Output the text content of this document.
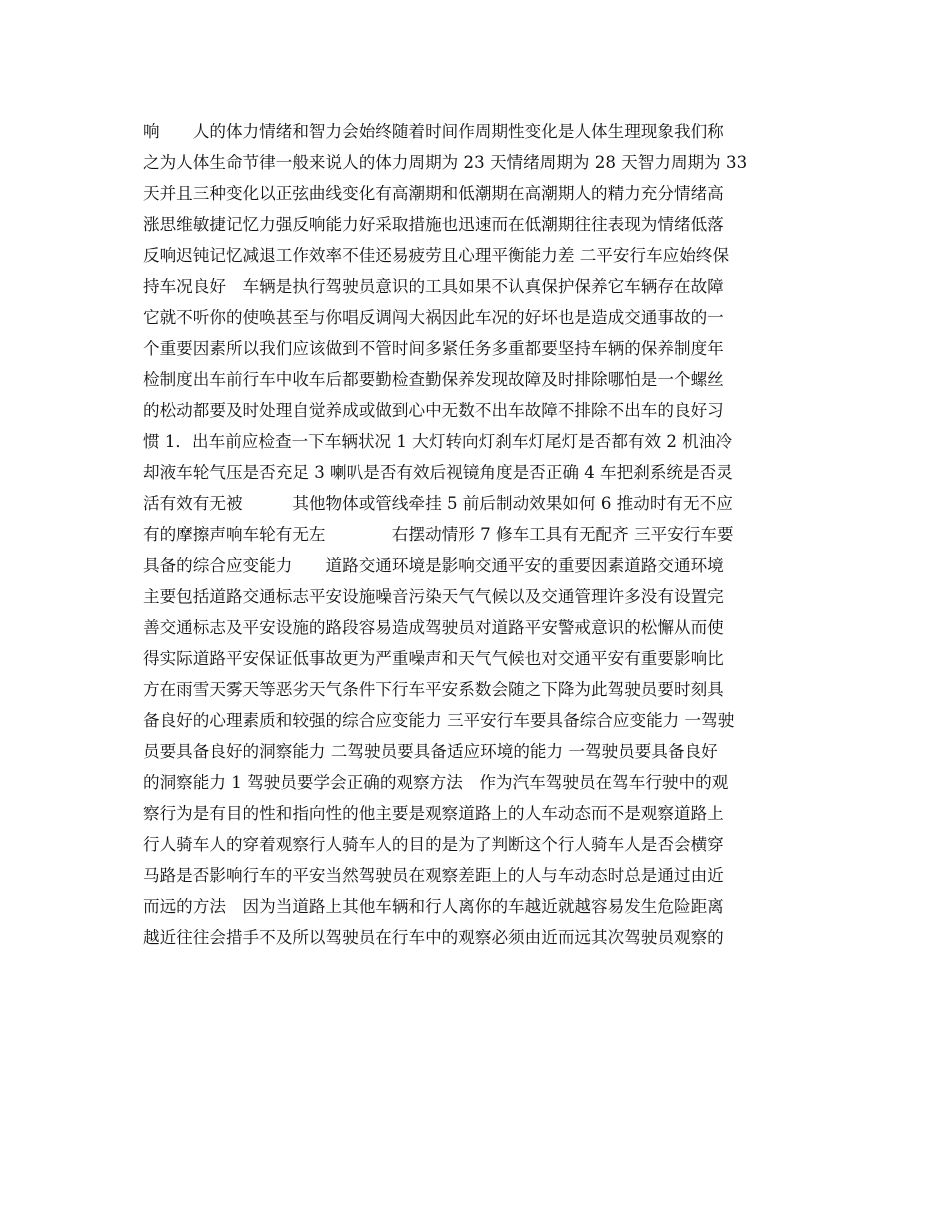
响　　人的体力情绪和智力会始终随着时间作周期性变化是人体生理现象我们称
之为人体生命节律一般来说人的体力周期为 23 天情绪周期为 28 天智力周期为 33
天并且三种变化以正弦曲线变化有高潮期和低潮期在高潮期人的精力充分情绪高
涨思维敏捷记忆力强反响能力好采取措施也迅速而在低潮期往往表现为情绪低落
反响迟钝记忆减退工作效率不佳还易疲劳且心理平衡能力差 二平安行车应始终保
持车况良好　车辆是执行驾驶员意识的工具如果不认真保护保养它车辆存在故障
它就不听你的使唤甚至与你唱反调闯大祸因此车况的好坏也是造成交通事故的一
个重要因素所以我们应该做到不管时间多紧任务多重都要坚持车辆的保养制度年
检制度出车前行车中收车后都要勤检查勤保养发现故障及时排除哪怕是一个螺丝
的松动都要及时处理自觉养成或做到心中无数不出车故障不排除不出车的良好习
惯 1．出车前应检查一下车辆状况 1 大灯转向灯刹车灯尾灯是否都有效 2 机油冷
却液车轮气压是否充足 3 喇叭是否有效后视镜角度是否正确 4 车把刹系统是否灵
活有效有无被　　　其他物体或管线牵挂 5 前后制动效果如何 6 推动时有无不应
有的摩擦声响车轮有无左　　　　右摆动情形 7 修车工具有无配齐 三平安行车要
具备的综合应变能力　　道路交通环境是影响交通平安的重要因素道路交通环境
主要包括道路交通标志平安设施噪音污染天气气候以及交通管理许多没有设置完
善交通标志及平安设施的路段容易造成驾驶员对道路平安警戒意识的松懈从而使
得实际道路平安保证低事故更为严重噪声和天气气候也对交通平安有重要影响比
方在雨雪天雾天等恶劣天气条件下行车平安系数会随之下降为此驾驶员要时刻具
备良好的心理素质和较强的综合应变能力 三平安行车要具备综合应变能力 一驾驶
员要具备良好的洞察能力 二驾驶员要具备适应环境的能力 一驾驶员要具备良好
的洞察能力 1 驾驶员要学会正确的观察方法　作为汽车驾驶员在驾车行驶中的观
察行为是有目的性和指向性的他主要是观察道路上的人车动态而不是观察道路上
行人骑车人的穿着观察行人骑车人的目的是为了判断这个行人骑车人是否会横穿
马路是否影响行车的平安当然驾驶员在观察差距上的人与车动态时总是通过由近
而远的方法　因为当道路上其他车辆和行人离你的车越近就越容易发生危险距离
越近往往会措手不及所以驾驶员在行车中的观察必须由近而远其次驾驶员观察的
